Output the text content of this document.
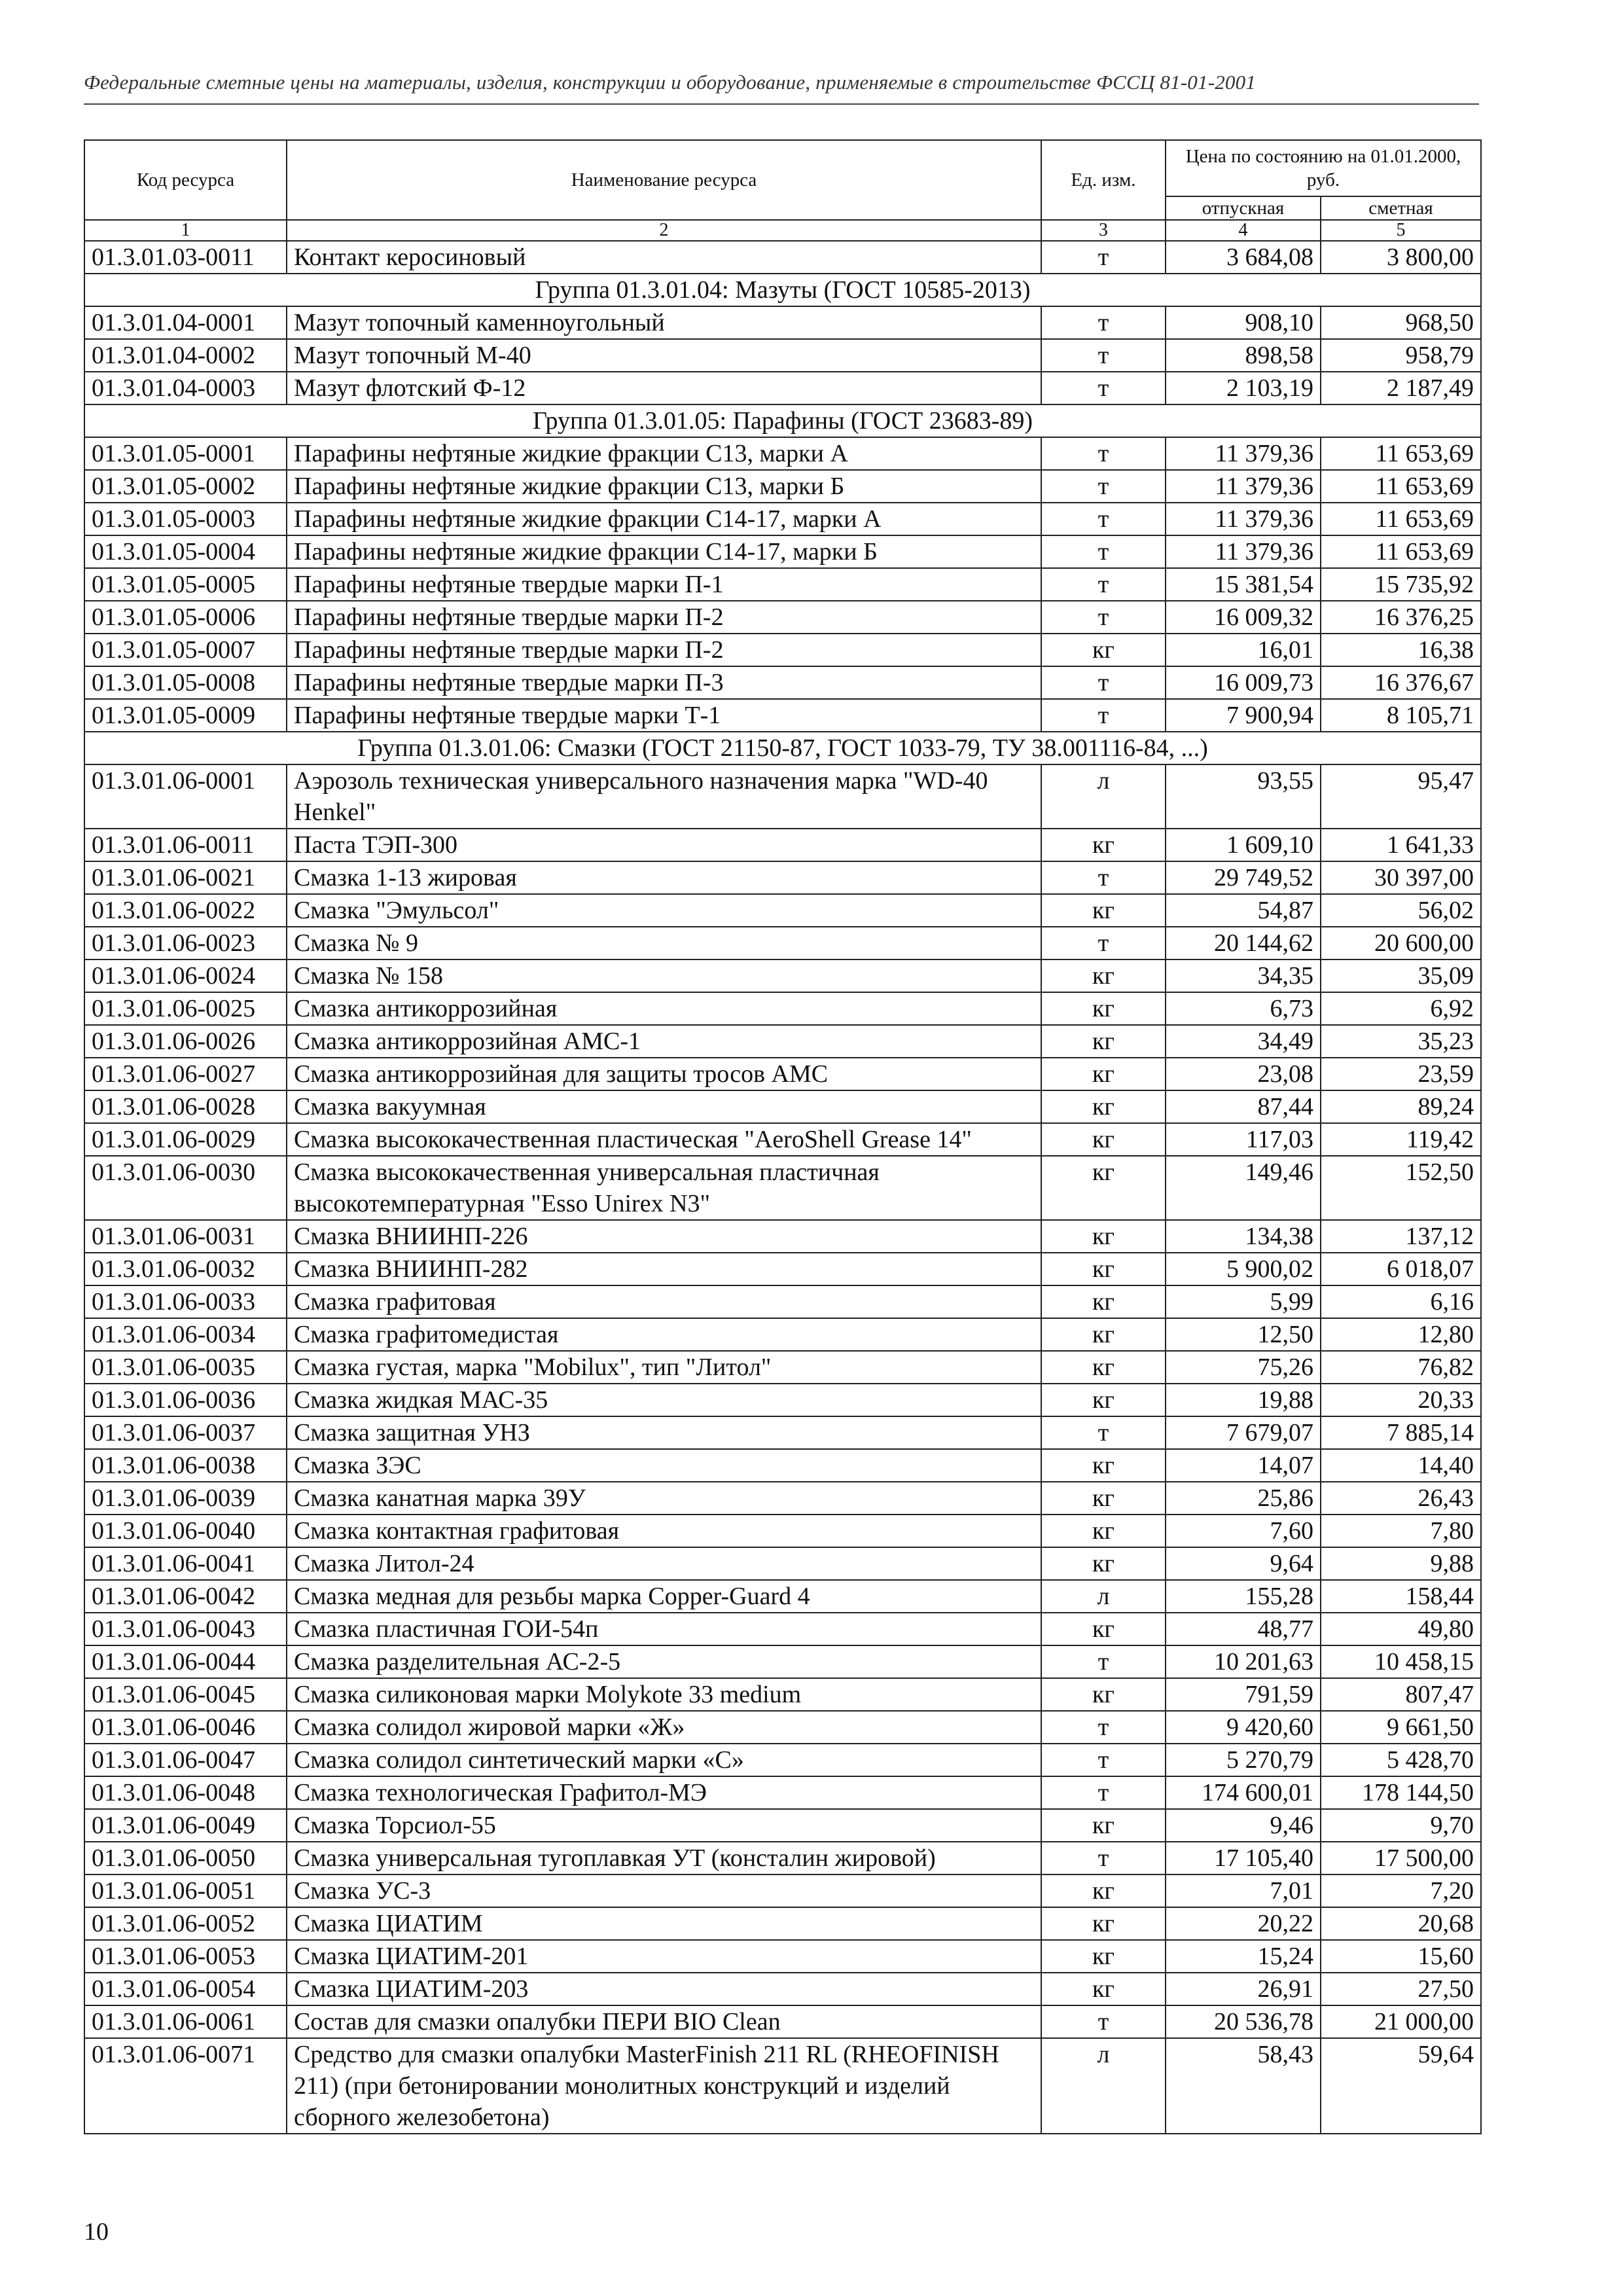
Федеральные сметные цены на материалы, изделия, конструкции и оборудование, применяемые в строительстве ФССЦ 81-01-2001
Код ресурса	Наименование ресурса	Ед. изм.	Цена по состоянию на 01.01.2000, руб.	
			отпускная	сметная
1	2	3	4	5
01.3.01.03-0011	Контакт керосиновый	т	3 684,08	3 800,00
Группа 01.3.01.04: Мазуты (ГОСТ 10585-2013)				
01.3.01.04-0001	Мазут топочный каменноугольный	т	908,10	968,50
01.3.01.04-0002	Мазут топочный М-40	т	898,58	958,79
01.3.01.04-0003	Мазут флотский Ф-12	т	2 103,19	2 187,49
Группа 01.3.01.05: Парафины (ГОСТ 23683-89)				
01.3.01.05-0001	Парафины нефтяные жидкие фракции С13, марки А	т	11 379,36	11 653,69
01.3.01.05-0002	Парафины нефтяные жидкие фракции С13, марки Б	т	11 379,36	11 653,69
01.3.01.05-0003	Парафины нефтяные жидкие фракции С14-17, марки А	т	11 379,36	11 653,69
01.3.01.05-0004	Парафины нефтяные жидкие фракции С14-17, марки Б	т	11 379,36	11 653,69
01.3.01.05-0005	Парафины нефтяные твердые марки П-1	т	15 381,54	15 735,92
01.3.01.05-0006	Парафины нефтяные твердые марки П-2	т	16 009,32	16 376,25
01.3.01.05-0007	Парафины нефтяные твердые марки П-2	кг	16,01	16,38
01.3.01.05-0008	Парафины нефтяные твердые марки П-3	т	16 009,73	16 376,67
01.3.01.05-0009	Парафины нефтяные твердые марки Т-1	т	7 900,94	8 105,71
Группа 01.3.01.06: Смазки (ГОСТ 21150-87, ГОСТ 1033-79, ТУ 38.001116-84, ...)				
01.3.01.06-0001	Аэрозоль техническая универсального назначения марка "WD-40 Henkel"	л	93,55	95,47
01.3.01.06-0011	Паста ТЭП-300	кг	1 609,10	1 641,33
01.3.01.06-0021	Смазка 1-13 жировая	т	29 749,52	30 397,00
01.3.01.06-0022	Смазка "Эмульсол"	кг	54,87	56,02
01.3.01.06-0023	Смазка № 9	т	20 144,62	20 600,00
01.3.01.06-0024	Смазка № 158	кг	34,35	35,09
01.3.01.06-0025	Смазка антикоррозийная	кг	6,73	6,92
01.3.01.06-0026	Смазка антикоррозийная АМС-1	кг	34,49	35,23
01.3.01.06-0027	Смазка антикоррозийная для защиты тросов АМС	кг	23,08	23,59
01.3.01.06-0028	Смазка вакуумная	кг	87,44	89,24
01.3.01.06-0029	Смазка высококачественная пластическая "AeroShell Grease 14"	кг	117,03	119,42
01.3.01.06-0030	Смазка высококачественная универсальная пластичная высокотемпературная "Esso Unirex N3"	кг	149,46	152,50
01.3.01.06-0031	Смазка ВНИИНП-226	кг	134,38	137,12
01.3.01.06-0032	Смазка ВНИИНП-282	кг	5 900,02	6 018,07
01.3.01.06-0033	Смазка графитовая	кг	5,99	6,16
01.3.01.06-0034	Смазка графитомедистая	кг	12,50	12,80
01.3.01.06-0035	Смазка густая, марка "Mobilux", тип "Литол"	кг	75,26	76,82
01.3.01.06-0036	Смазка жидкая МАС-35	кг	19,88	20,33
01.3.01.06-0037	Смазка защитная УНЗ	т	7 679,07	7 885,14
01.3.01.06-0038	Смазка ЗЭС	кг	14,07	14,40
01.3.01.06-0039	Смазка канатная марка 39У	кг	25,86	26,43
01.3.01.06-0040	Смазка контактная графитовая	кг	7,60	7,80
01.3.01.06-0041	Смазка Литол-24	кг	9,64	9,88
01.3.01.06-0042	Смазка медная для резьбы марка Copper-Guard 4	л	155,28	158,44
01.3.01.06-0043	Смазка пластичная ГОИ-54п	кг	48,77	49,80
01.3.01.06-0044	Смазка разделительная АС-2-5	т	10 201,63	10 458,15
01.3.01.06-0045	Смазка силиконовая марки Molykote 33 medium	кг	791,59	807,47
01.3.01.06-0046	Смазка солидол жировой марки «Ж»	т	9 420,60	9 661,50
01.3.01.06-0047	Смазка солидол синтетический марки «С»	т	5 270,79	5 428,70
01.3.01.06-0048	Смазка технологическая Графитол-МЭ	т	174 600,01	178 144,50
01.3.01.06-0049	Смазка Торсиол-55	кг	9,46	9,70
01.3.01.06-0050	Смазка универсальная тугоплавкая УТ (консталин жировой)	т	17 105,40	17 500,00
01.3.01.06-0051	Смазка УС-3	кг	7,01	7,20
01.3.01.06-0052	Смазка ЦИАТИМ	кг	20,22	20,68
01.3.01.06-0053	Смазка ЦИАТИМ-201	кг	15,24	15,60
01.3.01.06-0054	Смазка ЦИАТИМ-203	кг	26,91	27,50
01.3.01.06-0061	Состав для смазки опалубки ПЕРИ BIO Clean	т	20 536,78	21 000,00
01.3.01.06-0071	Средство для смазки опалубки MasterFinish 211 RL (RHEOFINISH 211) (при бетонировании монолитных конструкций и изделий сборного железобетона)	л	58,43	59,64
10
